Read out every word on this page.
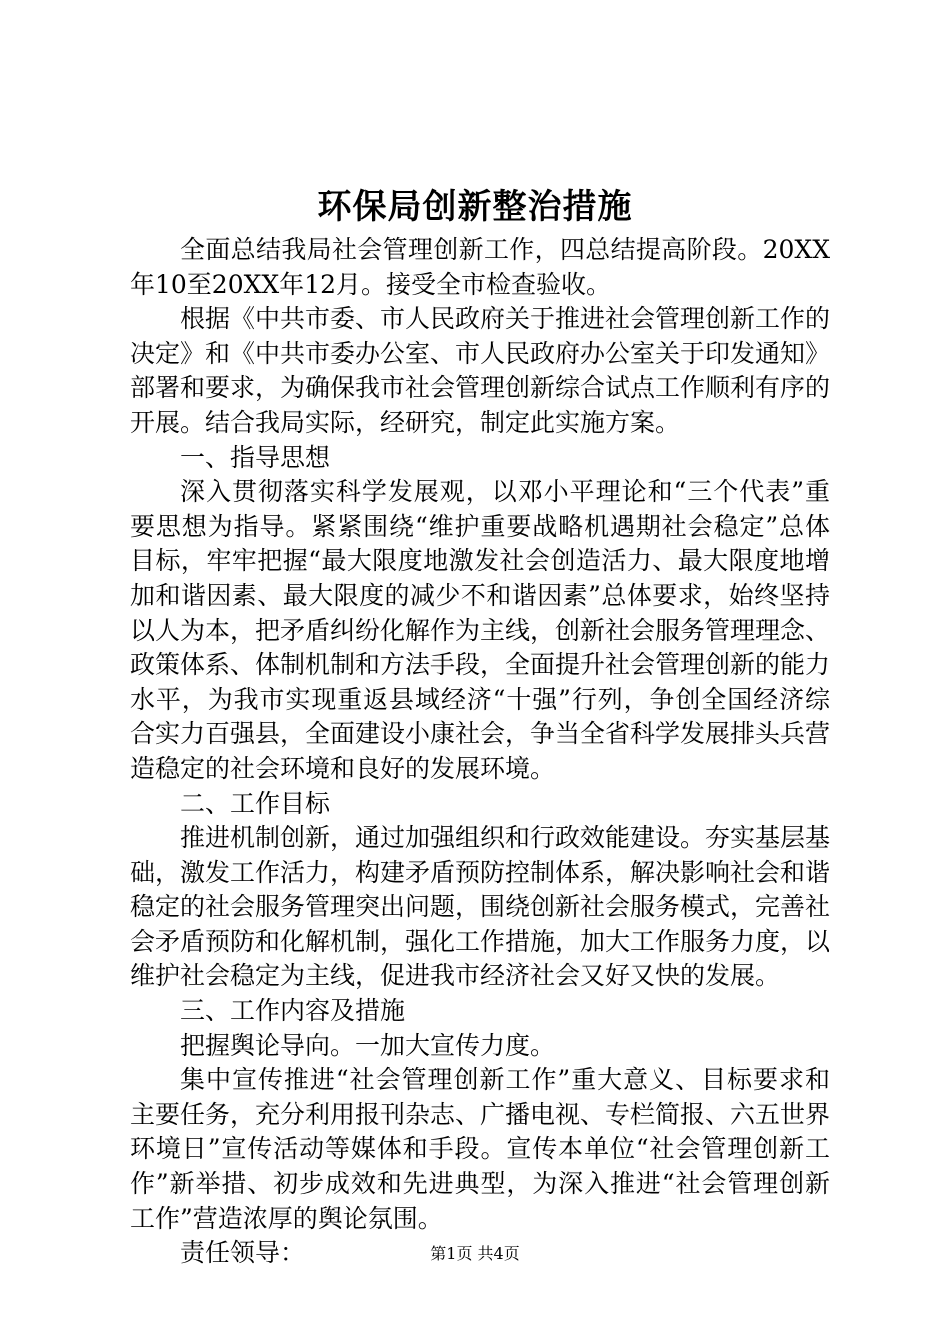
环保局创新整治措施

全面总结我局社会管理创新工作，四总结提高阶段。20XX年10至20XX年12月。接受全市检查验收。

根据《中共市委、市人民政府关于推进社会管理创新工作的决定》和《中共市委办公室、市人民政府办公室关于印发通知》部署和要求，为确保我市社会管理创新综合试点工作顺利有序的开展。结合我局实际，经研究，制定此实施方案。

一、指导思想

深入贯彻落实科学发展观，以邓小平理论和“三个代表”重要思想为指导。紧紧围绕“维护重要战略机遇期社会稳定”总体目标，牢牢把握“最大限度地激发社会创造活力、最大限度地增加和谐因素、最大限度的减少不和谐因素”总体要求，始终坚持以人为本，把矛盾纠纷化解作为主线，创新社会服务管理理念、政策体系、体制机制和方法手段，全面提升社会管理创新的能力水平，为我市实现重返县域经济“十强”行列，争创全国经济综合实力百强县，全面建设小康社会，争当全省科学发展排头兵营造稳定的社会环境和良好的发展环境。

二、工作目标

推进机制创新，通过加强组织和行政效能建设。夯实基层基础，激发工作活力，构建矛盾预防控制体系，解决影响社会和谐稳定的社会服务管理突出问题，围绕创新社会服务模式，完善社会矛盾预防和化解机制，强化工作措施，加大工作服务力度，以维护社会稳定为主线，促进我市经济社会又好又快的发展。

三、工作内容及措施

把握舆论导向。一加大宣传力度。

集中宣传推进“社会管理创新工作”重大意义、目标要求和主要任务，充分利用报刊杂志、广播电视、专栏简报、六五世界环境日”宣传活动等媒体和手段。宣传本单位“社会管理创新工作”新举措、初步成效和先进典型，为深入推进“社会管理创新工作”营造浓厚的舆论氛围。

责任领导：	第1页 共4页
